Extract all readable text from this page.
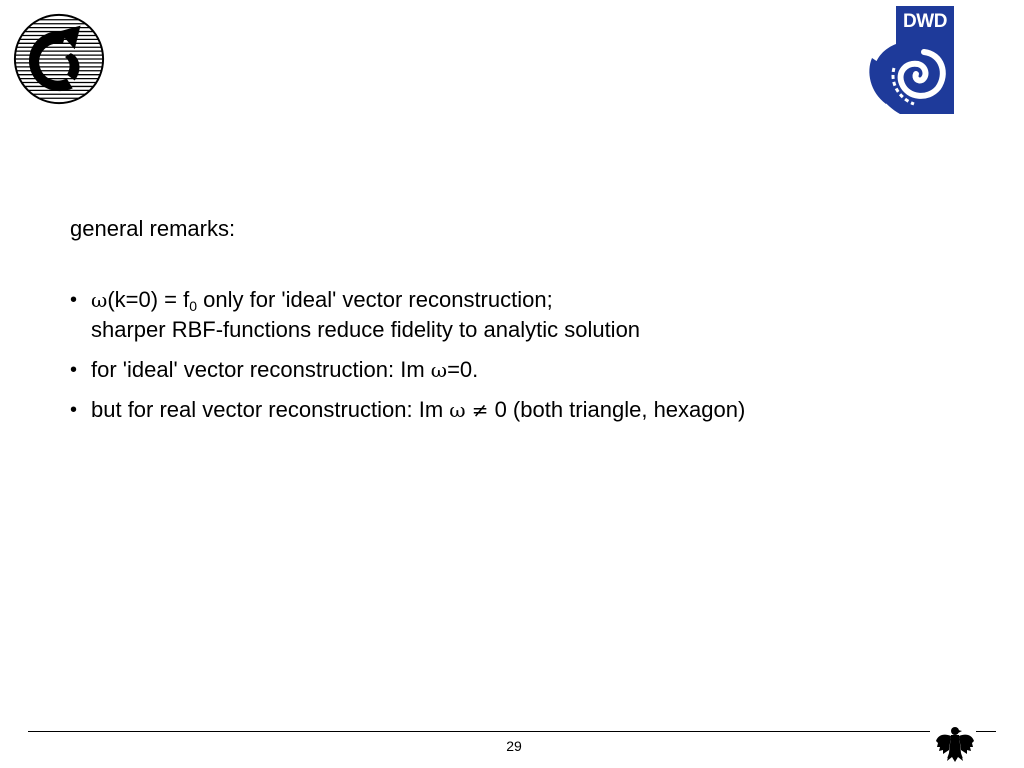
DWD
general remarks:
• $\omega(k=0) = f_0$ only for 'ideal' vector reconstruction;
sharper RBF-functions reduce fidelity to analytic solution
• for 'ideal' vector reconstruction: Im ω=0.
• but for real vector reconstruction: Im ω ≠ 0 (both triangle, hexagon)
29
